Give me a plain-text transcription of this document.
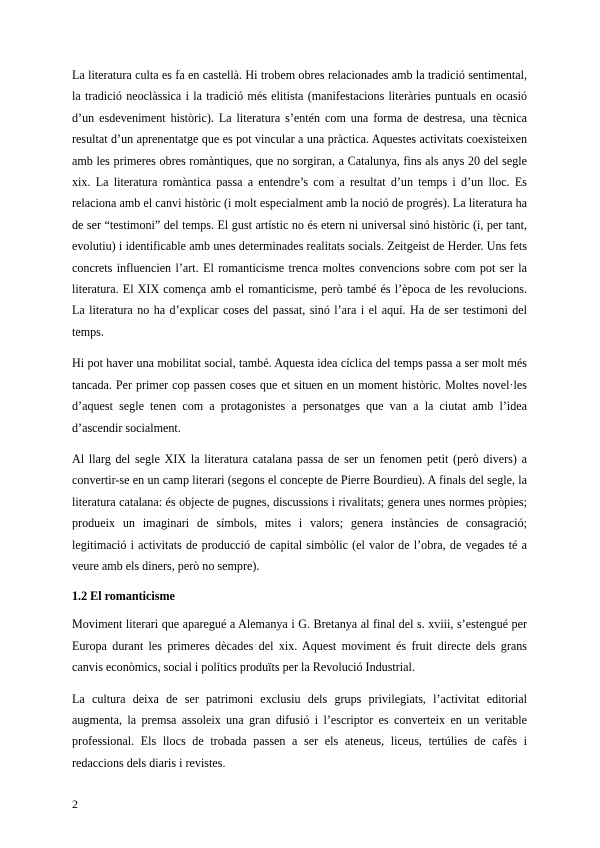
La literatura culta es fa en castellà. Hi trobem obres relacionades amb la tradició sentimental, la tradició neoclàssica i la tradició més elitista (manifestacions literàries puntuals en ocasió d’un esdeveniment històric). La literatura s’entén com una forma de destresa, una tècnica resultat d’un aprenentatge que es pot vincular a una pràctica. Aquestes activitats coexisteixen amb les primeres obres romàntiques, que no sorgiran, a Catalunya, fins als anys 20 del segle xix. La literatura romàntica passa a entendre’s com a resultat d’un temps i d’un lloc. Es relaciona amb el canvi històric (i molt especialment amb la noció de progrés). La literatura ha de ser “testimoni” del temps. El gust artístic no és etern ni universal sinó històric (i, per tant, evolutiu) i identificable amb unes determinades realitats socials. Zeitgeist de Herder. Uns fets concrets influencien l’art. El romanticisme trenca moltes convencions sobre com pot ser la literatura. El XIX comença amb el romanticisme, però també és l’època de les revolucions. La literatura no ha d’explicar coses del passat, sinó l’ara i el aquí. Ha de ser testimoni del temps.

Hi pot haver una mobilitat social, també. Aquesta idea cíclica del temps passa a ser molt més tancada. Per primer cop passen coses que et situen en un moment històric. Moltes novel·les d’aquest segle tenen com a protagonistes a personatges que van a la ciutat amb l’idea d’ascendir socialment.

Al llarg del segle XIX la literatura catalana passa de ser un fenomen petit (però divers) a convertir-se en un camp literari (segons el concepte de Pierre Bourdieu). A finals del segle, la literatura catalana: és objecte de pugnes, discussions i rivalitats; genera unes normes pròpies; produeix un imaginari de símbols, mites i valors; genera instàncies de consagració; legitimació i activitats de producció de capital simbòlic (el valor de l’obra, de vegades té a veure amb els diners, però no sempre).

1.2 El romanticisme

Moviment literari que aparegué a Alemanya i G. Bretanya al final del s. xviii, s’estengué per Europa durant les primeres dècades del xix. Aquest moviment és fruit directe dels grans canvis econòmics, social i polítics produïts per la Revolució Industrial.

La cultura deixa de ser patrimoni exclusiu dels grups privilegiats, l’activitat editorial augmenta, la premsa assoleix una gran difusió i l’escriptor es converteix en un veritable professional. Els llocs de trobada passen a ser els ateneus, liceus, tertúlies de cafès i redaccions dels diaris i revistes.

2
